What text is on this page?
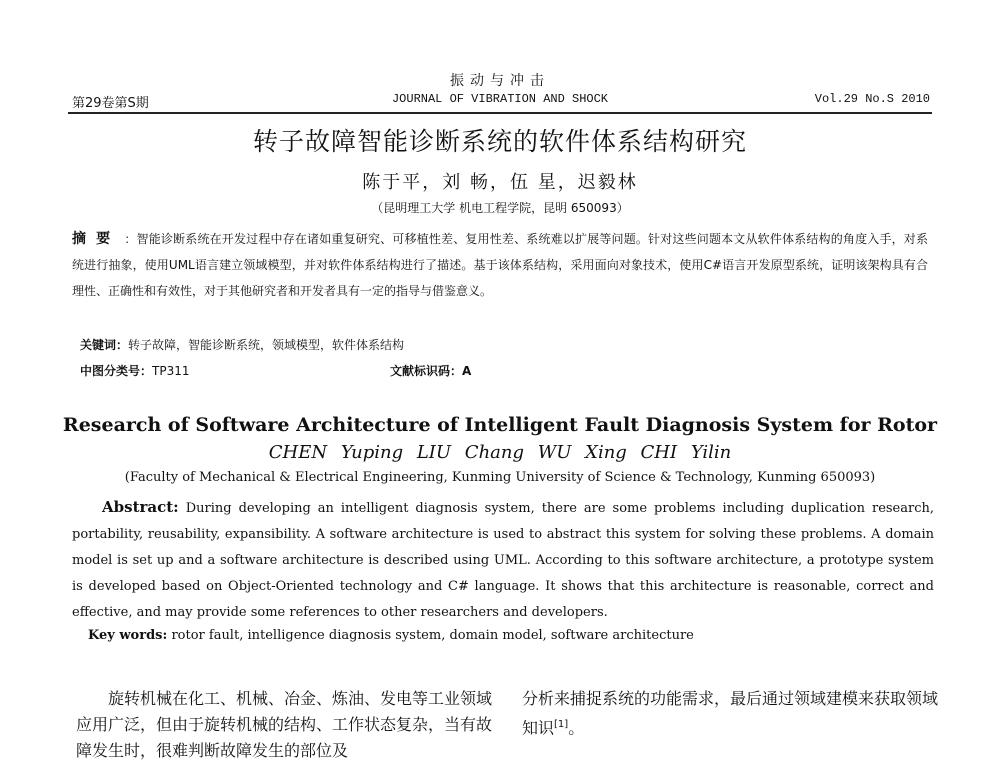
振动与冲击
第29卷第S期	JOURNAL OF VIBRATION AND SHOCK	Vol.29 No.S 2010
转子故障智能诊断系统的软件体系结构研究
陈于平，刘 畅，伍 星，迟毅林
（昆明理工大学 机电工程学院，昆明 650093）

摘要 ：智能诊断系统在开发过程中存在诸如重复研究、可移植性差、复用性差、系统难以扩展等问题。针对这些问题本文从软件体系结构的角度入手，对系统进行抽象，使用UML语言建立领域模型，并对软件体系结构进行了描述。基于该体系结构，采用面向对象技术，使用C#语言开发原型系统，证明该架构具有合理性、正确性和有效性，对于其他研究者和开发者具有一定的指导与借鉴意义。

关键词：转子故障，智能诊断系统，领域模型，软件体系结构
中图分类号：TP311	文献标识码：A
Research of Software Architecture of Intelligent Fault Diagnosis System for Rotor
CHEN Yuping LIU Chang WU Xing CHI Yilin
(Faculty of Mechanical & Electrical Engineering, Kunming University of Science & Technology, Kunming 650093)

Abstract: During developing an intelligent diagnosis system, there are some problems including duplication research, portability, reusability, expansibility. A software architecture is used to abstract this system for solving these problems. A domain model is set up and a software architecture is described using UML. According to this software architecture, a prototype system is developed based on Object-Oriented technology and C# language. It shows that this architecture is reasonable, correct and effective, and may provide some references to other researchers and developers.

Key words: rotor fault, intelligence diagnosis system, domain model, software architecture

旋转机械在化工、机械、冶金、炼油、发电等工业领域应用广泛，但由于旋转机械的结构、工作状态复杂，当有故障发生时，很难判断故障发生的部位及

分析来捕捉系统的功能需求，最后通过领域建模来获取领域知识[1]。
